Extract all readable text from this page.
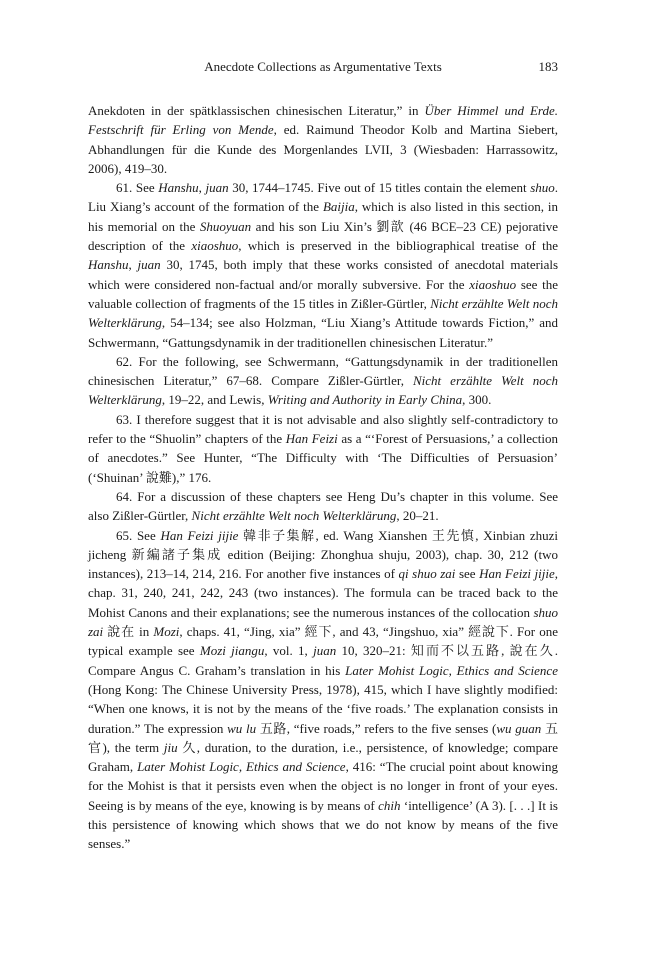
Anecdote Collections as Argumentative Texts	183

Anekdoten in der spätklassischen chinesischen Literatur,” in Über Himmel und Erde. Festschrift für Erling von Mende, ed. Raimund Theodor Kolb and Martina Siebert, Abhandlungen für die Kunde des Morgenlandes LVII, 3 (Wiesbaden: Harrassowitz, 2006), 419–30.

61. See Hanshu, juan 30, 1744–1745. Five out of 15 titles contain the element shuo. Liu Xiang’s account of the formation of the Baijia, which is also listed in this section, in his memorial on the Shuoyuan and his son Liu Xin’s 劉歆 (46 BCE–23 CE) pejorative description of the xiaoshuo, which is preserved in the bibliographical treatise of the Hanshu, juan 30, 1745, both imply that these works consisted of anecdotal materials which were considered non-factual and/or morally subversive. For the xiaoshuo see the valuable collection of fragments of the 15 titles in Zißler-Gürtler, Nicht erzählte Welt noch Welterklärung, 54–134; see also Holzman, “Liu Xiang’s Attitude towards Fiction,” and Schwermann, “Gattungsdynamik in der traditionellen chinesischen Literatur.”

62. For the following, see Schwermann, “Gattungsdynamik in der traditionellen chinesischen Literatur,” 67–68. Compare Zißler-Gürtler, Nicht erzählte Welt noch Welterklärung, 19–22, and Lewis, Writing and Authority in Early China, 300.

63. I therefore suggest that it is not advisable and also slightly self-contradictory to refer to the “Shuolin” chapters of the Han Feizi as a “‘Forest of Persuasions,’ a collection of anecdotes.” See Hunter, “The Difficulty with ‘The Difficulties of Persuasion’ (‘Shuinan’ 說難),” 176.

64. For a discussion of these chapters see Heng Du’s chapter in this volume. See also Zißler-Gürtler, Nicht erzählte Welt noch Welterklärung, 20–21.

65. See Han Feizi jijie 韓非子集解, ed. Wang Xianshen 王先慎, Xinbian zhuzi jicheng 新編諸子集成 edition (Beijing: Zhonghua shuju, 2003), chap. 30, 212 (two instances), 213–14, 214, 216. For another five instances of qi shuo zai see Han Feizi jijie, chap. 31, 240, 241, 242, 243 (two instances). The formula can be traced back to the Mohist Canons and their explanations; see the numerous instances of the collocation shuo zai 說在 in Mozi, chaps. 41, “Jing, xia” 經下, and 43, “Jingshuo, xia” 經說下. For one typical example see Mozi jiangu, vol. 1, juan 10, 320–21: 知而不以五路, 說在久. Compare Angus C. Graham’s translation in his Later Mohist Logic, Ethics and Science (Hong Kong: The Chinese University Press, 1978), 415, which I have slightly modified: “When one knows, it is not by the means of the ‘five roads.’ The explanation consists in duration.” The expression wu lu 五路, “five roads,” refers to the five senses (wu guan 五官), the term jiu 久, duration, to the duration, i.e., persistence, of knowledge; compare Graham, Later Mohist Logic, Ethics and Science, 416: “The crucial point about knowing for the Mohist is that it persists even when the object is no longer in front of your eyes. Seeing is by means of the eye, knowing is by means of chih ‘intelligence’ (A 3). [. . .] It is this persistence of knowing which shows that we do not know by means of the five senses.”
